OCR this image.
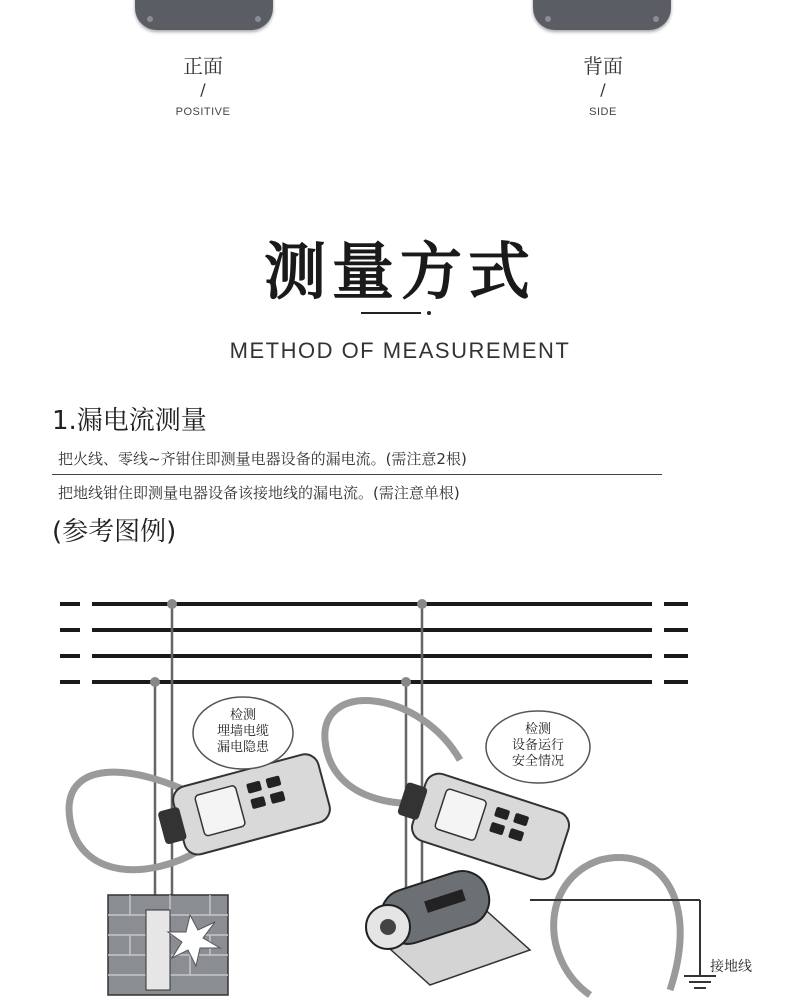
正面
/
POSITIVE
背面
/
SIDE
测量方式
METHOD OF MEASUREMENT
1.漏电流测量
把火线、零线~齐钳住即测量电器设备的漏电流。(需注意2根)
把地线钳住即测量电器设备该接地线的漏电流。(需注意单根)
(参考图例)
检测
埋墙电缆
漏电隐患
检测
设备运行
安全情况
接地线
